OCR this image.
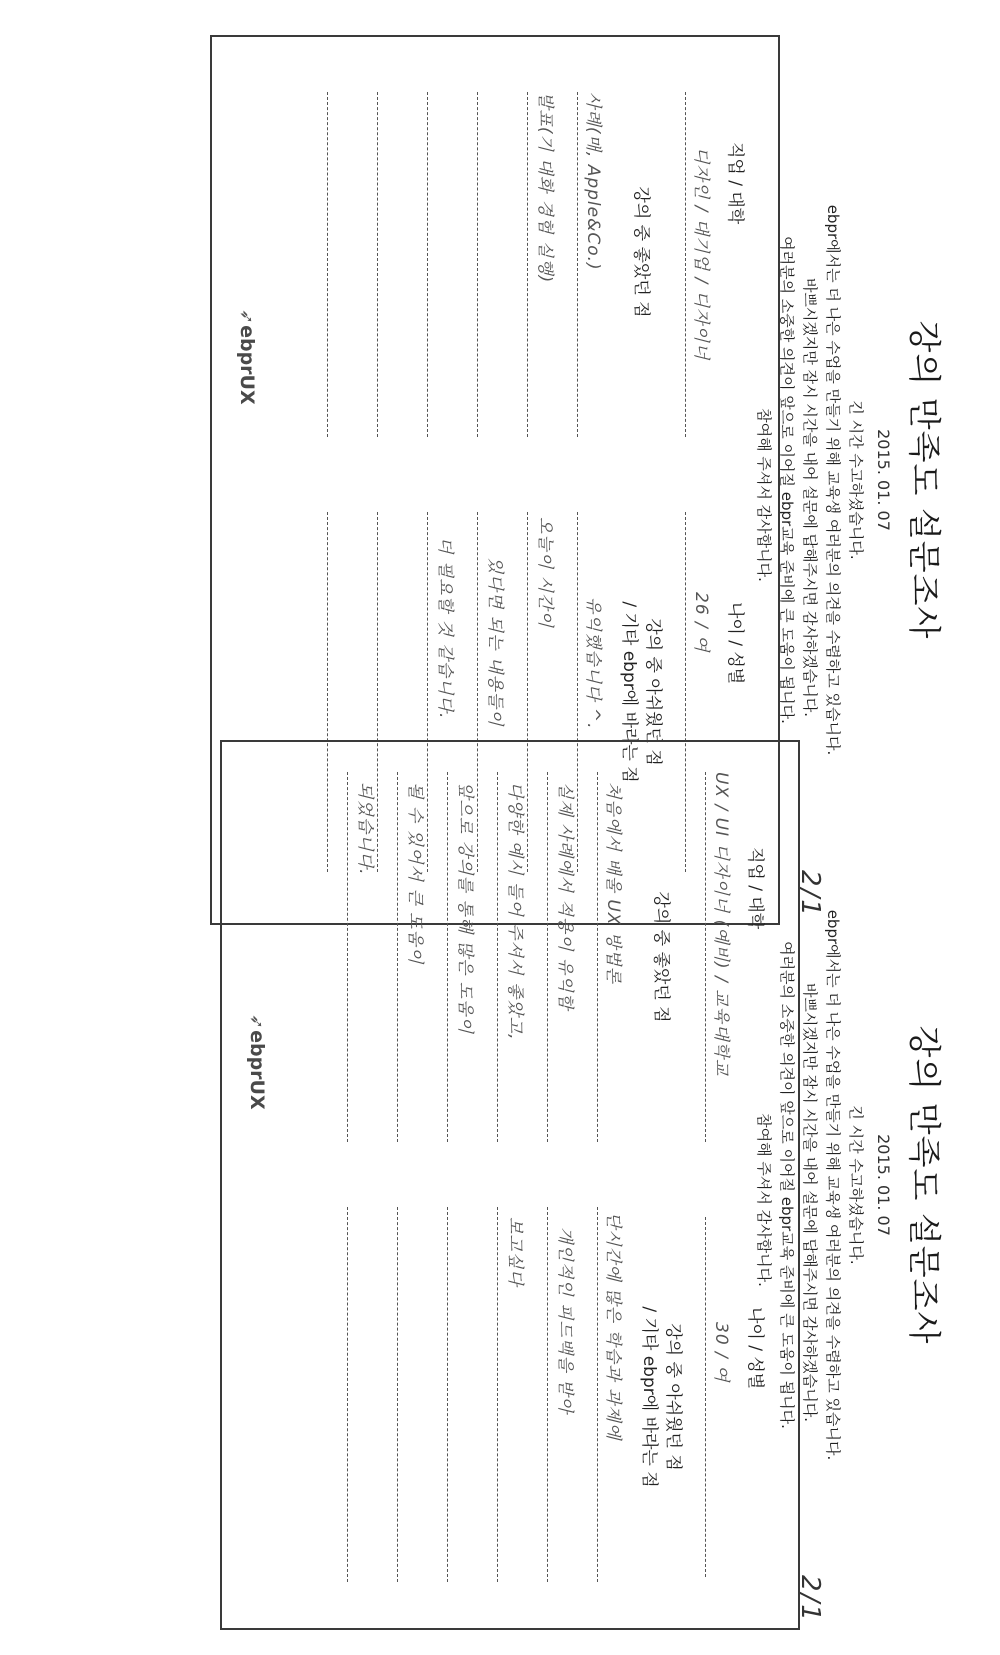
강의 만족도 설문조사
2015. 01. 07
긴 시간 수고하셨습니다.
ebpr에서는 더 나은 수업을 만들기 위해 교육생 여러분의 의견을 수렴하고 있습니다.
바쁘시겠지만 잠시 시간을 내어 설문에 답해주시면 감사하겠습니다.
여러분의 소중한 의견이 앞으로 이어질 ebpr교육 준비에 큰 도움이 됩니다.
참여해 주셔서 감사합니다.
2/1
직업 / 대학
디자인 / 대기업 / 디자이너
나이 / 성별
26 / 여
강의 중 좋았던 점
강의 중 아쉬웠던 점
/ 기타 ebpr에 바라는 점
사례(매, Apple&Co.)
발표(기 대화 경험 실행)
유익했습니다 ^.
오늘이 시간이
있다면 되는 내용들이
더 필요할 것 같습니다.
➶ebprUX
강의 만족도 설문조사
2015. 01. 07
긴 시간 수고하셨습니다.
ebpr에서는 더 나은 수업을 만들기 위해 교육생 여러분의 의견을 수렴하고 있습니다.
바쁘시겠지만 잠시 시간을 내어 설문에 답해주시면 감사하겠습니다.
여러분의 소중한 의견이 앞으로 이어질 ebpr교육 준비에 큰 도움이 됩니다.
참여해 주셔서 감사합니다.
2/1
직업 / 대학
UX / UI 디자이너 (예비) / 교육대학교
나이 / 성별
30 / 여
강의 중 좋았던 점
강의 중 아쉬웠던 점
/ 기타 ebpr에 바라는 점
처음에서 배울 UX 방법론
실제 사례에서 적용이 유익함
다양한 예시 들어 주셔서 좋았고,
앞으로 강의를 통해 많은 도움이
될 수 있어서 큰 도움이
되었습니다.
단시간에 많은 학습과 과제에
개인적인 피드백을 받아
보고싶다
➶ebprUX
